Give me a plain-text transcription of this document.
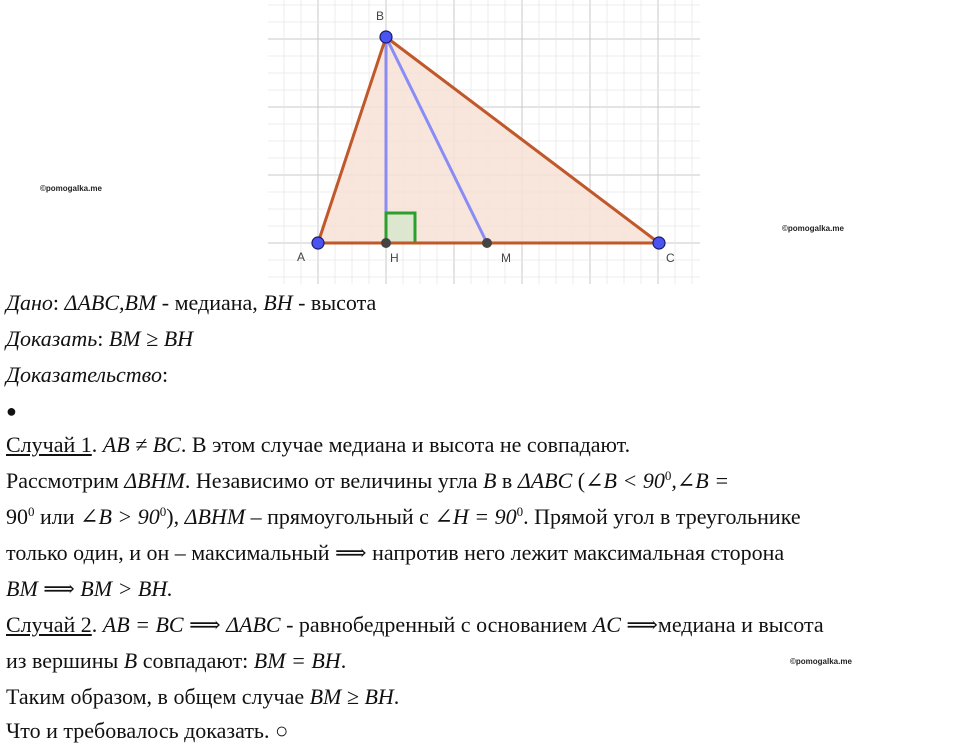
B
A	H	M	C
©pomogalka.me
©pomogalka.me
©pomogalka.me
Дано: ΔABC,BM - медиана, BH - высота
Доказать: BM ≥ BH
Доказательство:
●
Случай 1. AB ≠ BC. В этом случае медиана и высота не совпадают.
Рассмотрим ΔBHM. Независимо от величины угла B в ΔABC (∠B < $90^0,\angle B$ =
$90^0$ или ∠B > $90^0$), ΔBHM – прямоугольный с ∠H = $90^0$. Прямой угол в треугольнике
только один, и он – максимальный ⟹ напротив него лежит максимальная сторона
BM ⟹ BM > BH.
Случай 2. AB = BC ⟹ ΔABC - равнобедренный с основанием AC ⟹медиана и высота
из вершины B совпадают: BM = BH.
Таким образом, в общем случае BM ≥ BH.
Что и требовалось доказать. ○
